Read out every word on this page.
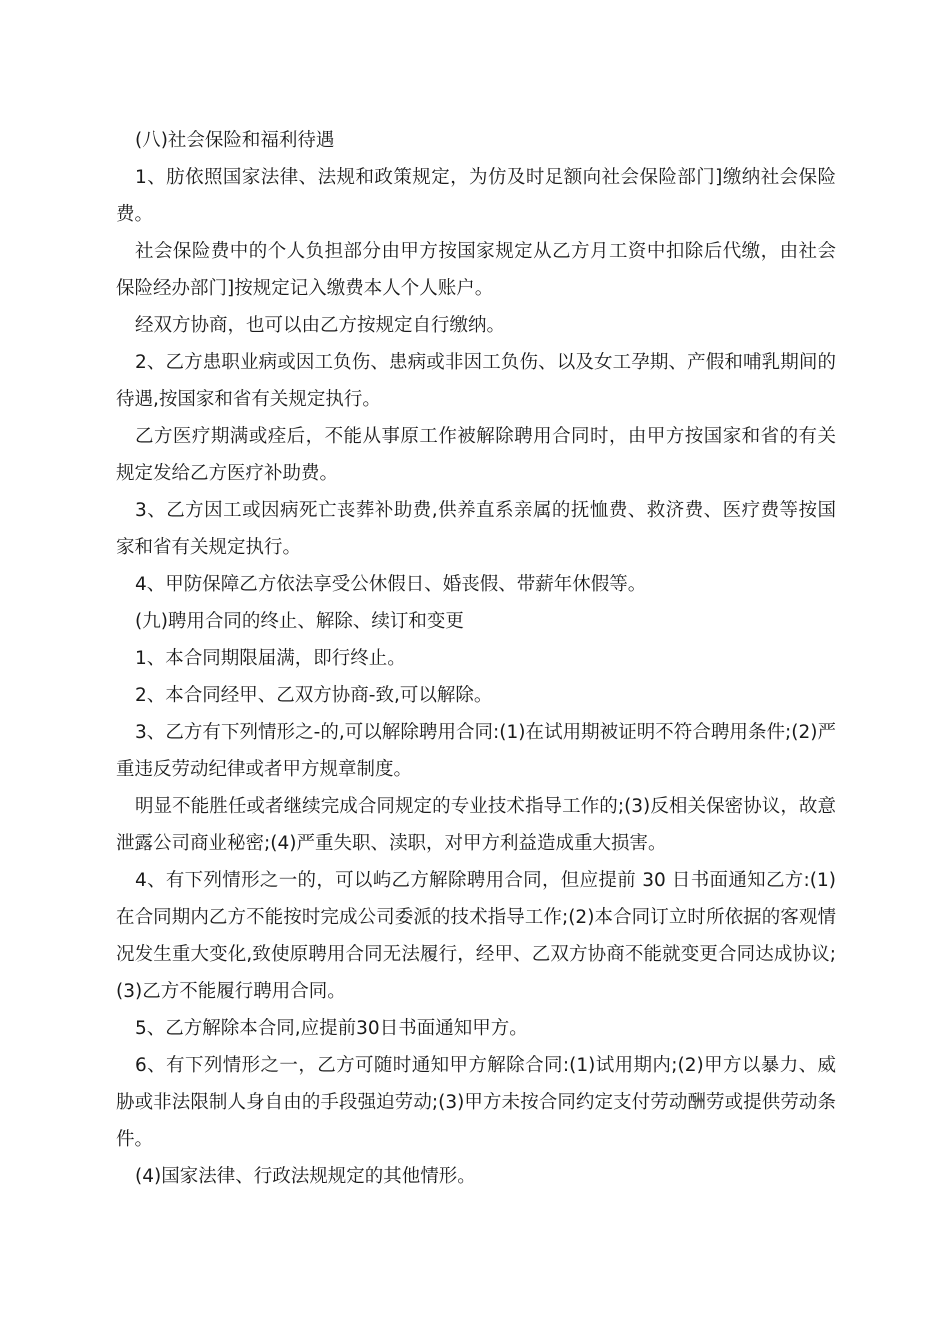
(八)社会保险和福利待遇

1、肪依照国家法律、法规和政策规定，为仿及时足额向社会保险部门]缴纳社会保险费。

社会保险费中的个人负担部分由甲方按国家规定从乙方月工资中扣除后代缴，由社会保险经办部门]按规定记入缴费本人个人账户。

经双方协商，也可以由乙方按规定自行缴纳。

2、乙方患职业病或因工负伤、患病或非因工负伤、以及女工孕期、产假和哺乳期间的待遇,按国家和省有关规定执行。

乙方医疗期满或痊后，不能从事原工作被解除聘用合同时，由甲方按国家和省的有关规定发给乙方医疗补助费。

3、乙方因工或因病死亡丧葬补助费,供养直系亲属的抚恤费、救济费、医疗费等按国家和省有关规定执行。

4、甲防保障乙方依法享受公休假日、婚丧假、带薪年休假等。

(九)聘用合同的终止、解除、续订和变更

1、本合同期限届满，即行终止。

2、本合同经甲、乙双方协商-致,可以解除。

3、乙方有下列情形之-的,可以解除聘用合同:(1)在试用期被证明不符合聘用条件;(2)严重违反劳动纪律或者甲方规章制度。

明显不能胜任或者继续完成合同规定的专业技术指导工作的;(3)反相关保密协议，故意泄露公司商业秘密;(4)严重失职、渎职，对甲方利益造成重大损害。

4、有下列情形之一的，可以屿乙方解除聘用合同，但应提前 30 日书面通知乙方:(1)在合同期内乙方不能按时完成公司委派的技术指导工作;(2)本合同订立时所依据的客观情况发生重大变化,致使原聘用合同无法履行，经甲、乙双方协商不能就变更合同达成协议;(3)乙方不能履行聘用合同。

5、乙方解除本合同,应提前30日书面通知甲方。

6、有下列情形之一，乙方可随时通知甲方解除合同:(1)试用期内;(2)甲方以暴力、威胁或非法限制人身自由的手段强迫劳动;(3)甲方未按合同约定支付劳动酬劳或提供劳动条件。

(4)国家法律、行政法规规定的其他情形。
